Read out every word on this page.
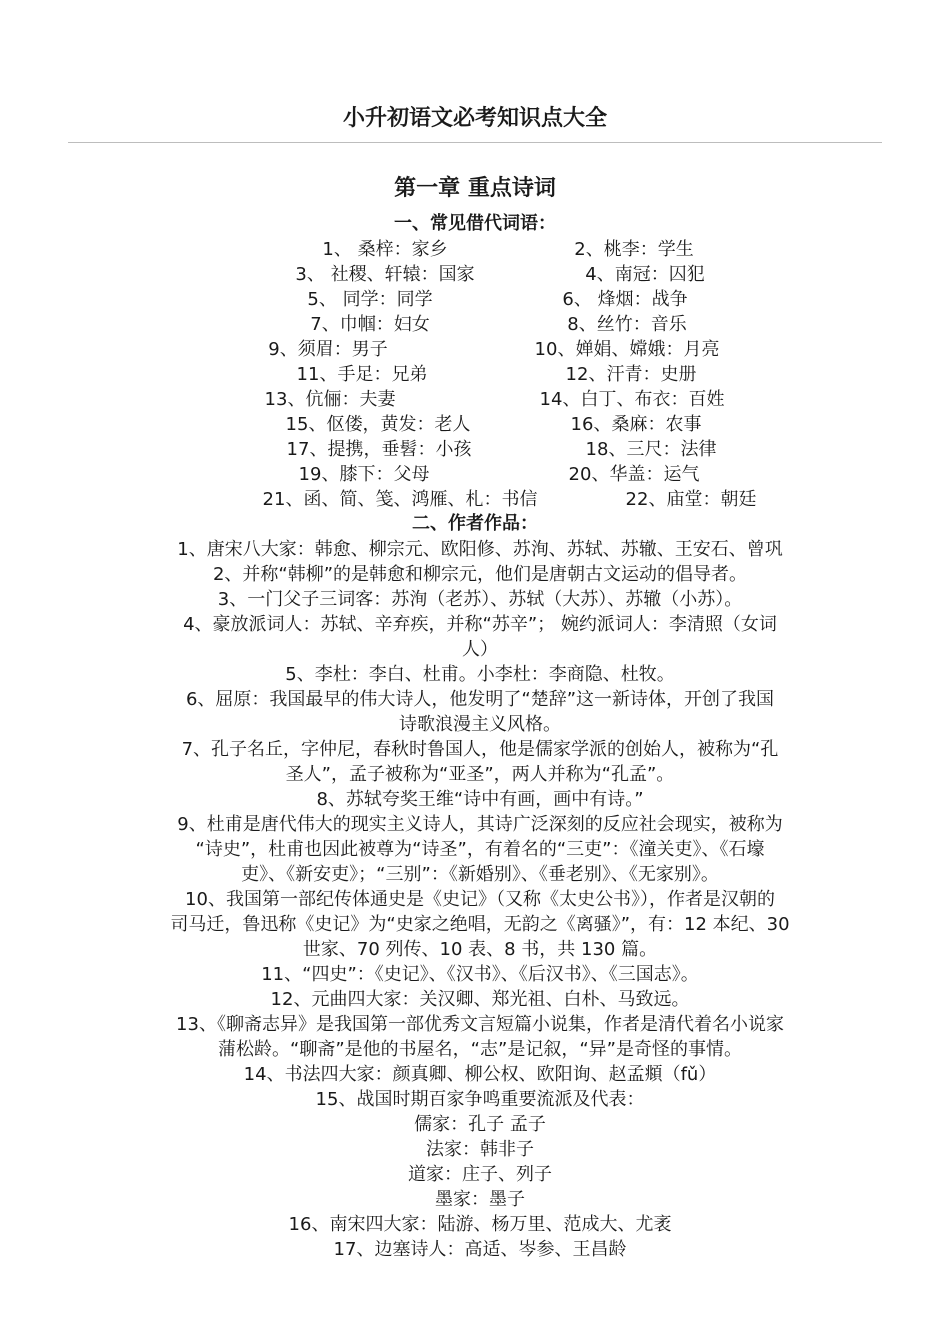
小升初语文必考知识点大全
第一章 重点诗词
一、常见借代词语：
1、 桑梓：家乡	2、桃李：学生
3、 社稷、轩辕：国家	4、南冠：囚犯
5、 同学：同学	6、 烽烟：战争
7、巾帼：妇女	8、丝竹：音乐
9、须眉：男子	10、婵娟、嫦娥：月亮
11、手足：兄弟	12、汗青：史册
13、伉俪：夫妻	14、白丁、布衣：百姓
15、伛偻，黄发：老人	16、桑麻：农事
17、提携，垂髫：小孩	18、三尺：法律
19、膝下：父母	20、华盖：运气
21、函、简、笺、鸿雁、札：书信	22、庙堂：朝廷
二、作者作品：
1、唐宋八大家：韩愈、柳宗元、欧阳修、苏洵、苏轼、苏辙、王安石、曾巩
2、并称“韩柳”的是韩愈和柳宗元，他们是唐朝古文运动的倡导者。
3、一门父子三词客：苏洵（老苏）、苏轼（大苏）、苏辙（小苏）。
4、豪放派词人：苏轼、辛弃疾，并称“苏辛”； 婉约派词人：李清照（女词
人）
5、李杜：李白、杜甫。小李杜：李商隐、杜牧。
6、屈原：我国最早的伟大诗人，他发明了“楚辞”这一新诗体，开创了我国
诗歌浪漫主义风格。
7、孔子名丘，字仲尼，春秋时鲁国人，他是儒家学派的创始人，被称为“孔
圣人”，孟子被称为“亚圣”，两人并称为“孔孟”。
8、苏轼夸奖王维“诗中有画，画中有诗。”
9、杜甫是唐代伟大的现实主义诗人，其诗广泛深刻的反应社会现实，被称为
“诗史”，杜甫也因此被尊为“诗圣”，有着名的“三吏”：《潼关吏》、《石壕
吏》、《新安吏》；“三别”：《新婚别》、《垂老别》、《无家别》。
10、我国第一部纪传体通史是《史记》（又称《太史公书》），作者是汉朝的
司马迁，鲁迅称《史记》为“史家之绝唱，无韵之《离骚》”，有：12 本纪、30
世家、70 列传、10 表、8 书，共 130 篇。
11、“四史”：《史记》、《汉书》、《后汉书》、《三国志》。
12、元曲四大家：关汉卿、郑光祖、白朴、马致远。
13、《聊斋志异》是我国第一部优秀文言短篇小说集，作者是清代着名小说家
蒲松龄。“聊斋”是他的书屋名，“志”是记叙，“异”是奇怪的事情。
14、书法四大家：颜真卿、柳公权、欧阳询、赵孟頫（fǔ）
15、战国时期百家争鸣重要流派及代表：
儒家：孔子 孟子
法家：韩非子
道家：庄子、列子
墨家：墨子
16、南宋四大家：陆游、杨万里、范成大、尤袤
17、边塞诗人：高适、岑参、王昌龄
